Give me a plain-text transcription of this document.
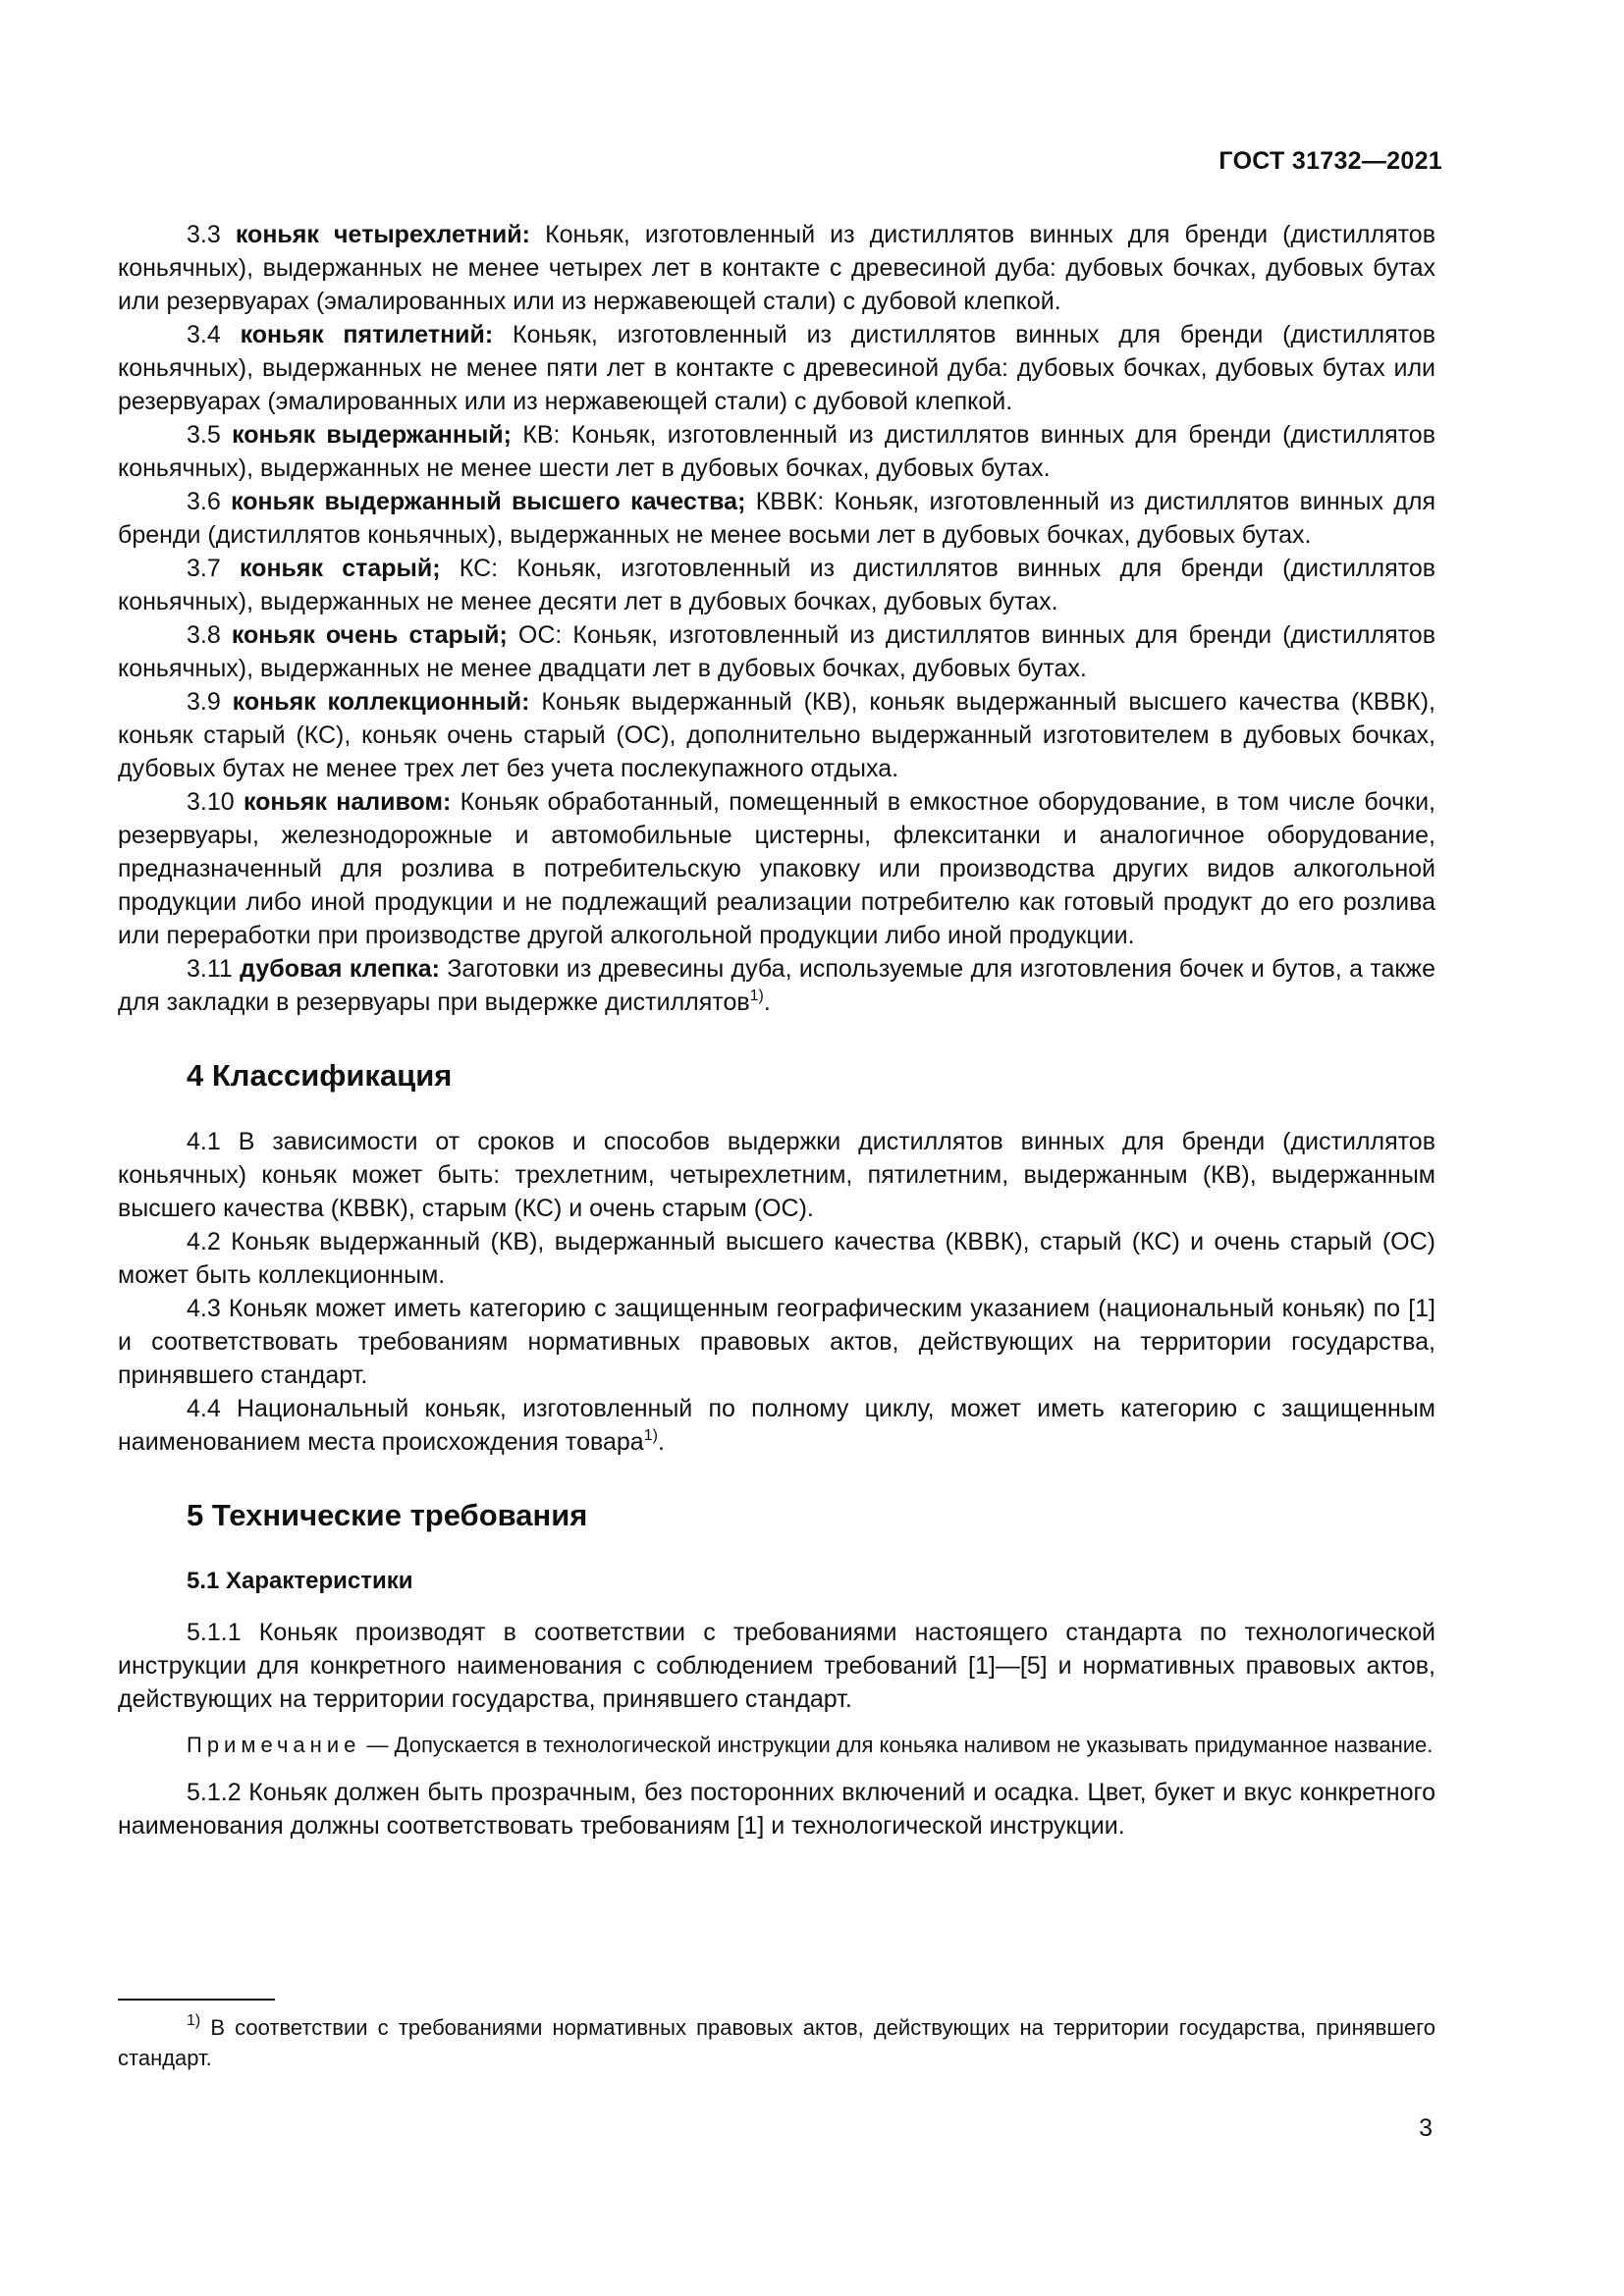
ГОСТ 31732—2021

3.3 коньяк четырехлетний: Коньяк, изготовленный из дистиллятов винных для бренди (дистиллятов коньячных), выдержанных не менее четырех лет в контакте с древесиной дуба: дубовых бочках, дубовых бутах или резервуарах (эмалированных или из нержавеющей стали) с дубовой клепкой.

3.4 коньяк пятилетний: Коньяк, изготовленный из дистиллятов винных для бренди (дистиллятов коньячных), выдержанных не менее пяти лет в контакте с древесиной дуба: дубовых бочках, дубовых бутах или резервуарах (эмалированных или из нержавеющей стали) с дубовой клепкой.

3.5 коньяк выдержанный; КВ: Коньяк, изготовленный из дистиллятов винных для бренди (дистиллятов коньячных), выдержанных не менее шести лет в дубовых бочках, дубовых бутах.

3.6 коньяк выдержанный высшего качества; КВВК: Коньяк, изготовленный из дистиллятов винных для бренди (дистиллятов коньячных), выдержанных не менее восьми лет в дубовых бочках, дубовых бутах.

3.7 коньяк старый; КС: Коньяк, изготовленный из дистиллятов винных для бренди (дистиллятов коньячных), выдержанных не менее десяти лет в дубовых бочках, дубовых бутах.

3.8 коньяк очень старый; ОС: Коньяк, изготовленный из дистиллятов винных для бренди (дистиллятов коньячных), выдержанных не менее двадцати лет в дубовых бочках, дубовых бутах.

3.9 коньяк коллекционный: Коньяк выдержанный (КВ), коньяк выдержанный высшего качества (КВВК), коньяк старый (КС), коньяк очень старый (ОС), дополнительно выдержанный изготовителем в дубовых бочках, дубовых бутах не менее трех лет без учета послекупажного отдыха.

3.10 коньяк наливом: Коньяк обработанный, помещенный в емкостное оборудование, в том числе бочки, резервуары, железнодорожные и автомобильные цистерны, флекситанки и аналогичное оборудование, предназначенный для розлива в потребительскую упаковку или производства других видов алкогольной продукции либо иной продукции и не подлежащий реализации потребителю как готовый продукт до его розлива или переработки при производстве другой алкогольной продукции либо иной продукции.

3.11 дубовая клепка: Заготовки из древесины дуба, используемые для изготовления бочек и бутов, а также для закладки в резервуары при выдержке дистиллятов$^{1)}$.

4 Классификация

4.1 В зависимости от сроков и способов выдержки дистиллятов винных для бренди (дистиллятов коньячных) коньяк может быть: трехлетним, четырехлетним, пятилетним, выдержанным (КВ), выдержанным высшего качества (КВВК), старым (КС) и очень старым (ОС).

4.2 Коньяк выдержанный (КВ), выдержанный высшего качества (КВВК), старый (КС) и очень старый (ОС) может быть коллекционным.

4.3 Коньяк может иметь категорию с защищенным географическим указанием (национальный коньяк) по [1] и соответствовать требованиям нормативных правовых актов, действующих на территории государства, принявшего стандарт.

4.4 Национальный коньяк, изготовленный по полному циклу, может иметь категорию с защищенным наименованием места происхождения товара$^{1)}$.

5 Технические требования
5.1 Характеристики

5.1.1 Коньяк производят в соответствии с требованиями настоящего стандарта по технологической инструкции для конкретного наименования с соблюдением требований [1]—[5] и нормативных правовых актов, действующих на территории государства, принявшего стандарт.

Примечание — Допускается в технологической инструкции для коньяка наливом не указывать придуманное название.

5.1.2 Коньяк должен быть прозрачным, без посторонних включений и осадка. Цвет, букет и вкус конкретного наименования должны соответствовать требованиям [1] и технологической инструкции.

$^{1)}$ В соответствии с требованиями нормативных правовых актов, действующих на территории государства, принявшего стандарт.
3
